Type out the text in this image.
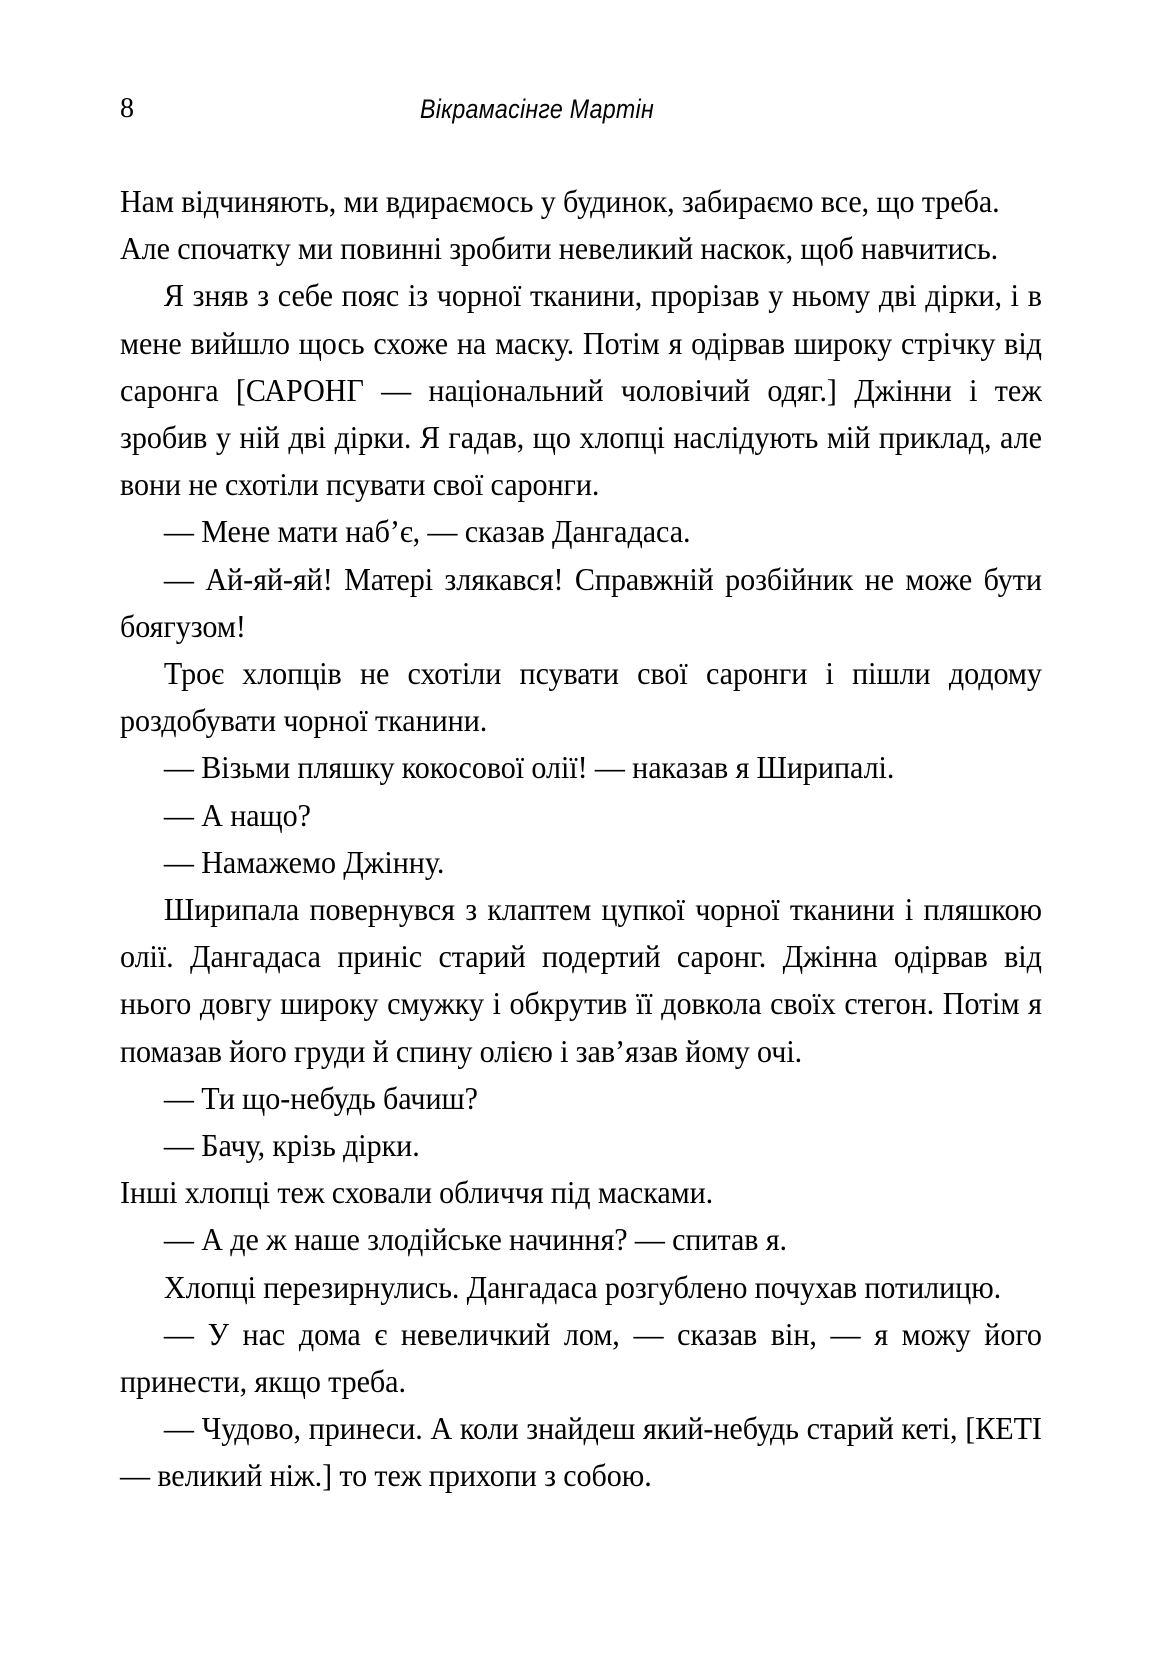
8	Вікрамасінге Мартін

Нам відчиняють, ми вдираємось у будинок, забираємо все, що треба. Але спочатку ми повинні зробити невеликий наскок, щоб навчитись.

Я зняв з себе пояс із чорної тканини, прорізав у ньому дві дірки, і в мене вийшло щось схоже на маску. Потім я одірвав широку стрічку від саронга [САРОНГ — національний чоловічий одяг.] Джінни і теж зробив у ній дві дірки. Я гадав, що хлопці наслідують мій приклад, але вони не схотіли псувати свої саронги.

— Мене мати наб’є, — сказав Дангадаса.

— Ай-яй-яй! Матері злякався! Справжній розбійник не може бути боягузом!

Троє хлопців не схотіли псувати свої саронги і пішли додому роздобувати чорної тканини.

— Візьми пляшку кокосової олії! — наказав я Ширипалі.

— А нащо?

— Намажемо Джінну.

Ширипала повернувся з клаптем цупкої чорної тканини і пляшкою олії. Дангадаса приніс старий подертий саронг. Джінна одірвав від нього довгу широку смужку і обкрутив її довкола своїх стегон. Потім я помазав його груди й спину олією і зав’язав йому очі.

— Ти що-небудь бачиш?

— Бачу, крізь дірки.

Інші хлопці теж сховали обличчя під масками.

— А де ж наше злодійське начиння? — спитав я.

Хлопці перезирнулись. Дангадаса розгублено почухав потилицю.

— У нас дома є невеличкий лом, — сказав він, — я можу його принести, якщо треба.

— Чудово, принеси. А коли знайдеш який-небудь старий кеті, [КЕТІ — великий ніж.] то теж прихопи з собою.
